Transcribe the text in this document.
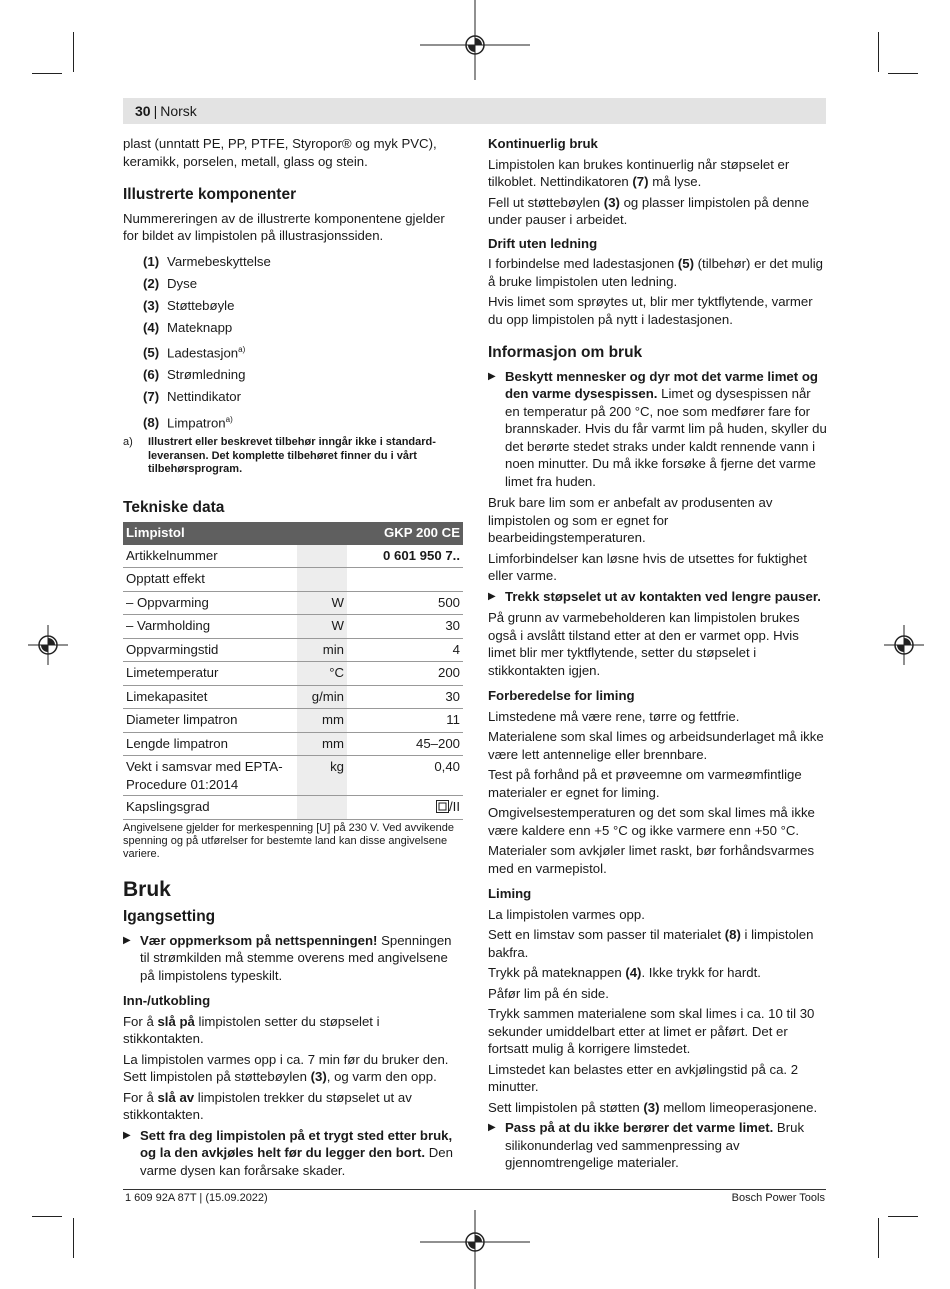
30 | Norsk

plast (unntatt PE, PP, PTFE, Styropor® og myk PVC), keramikk, porselen, metall, glass og stein.

Illustrerte komponenter

Nummereringen av de illustrerte komponentene gjelder for bildet av limpistolen på illustrasjonssiden.

(1) Varmebeskyttelse
(2) Dyse
(3) Støttebøyle
(4) Mateknapp
(5) Ladestasjon$^{a)}$
(6) Strømledning
(7) Nettindikator
(8) Limpatron$^{a)}$
a)	Illustrert eller beskrevet tilbehør inngår ikke i standard-leveransen. Det komplette tilbehøret finner du i vårt tilbehørsprogram.
Tekniske data
Limpistol		GKP 200 CE
Artikkelnummer		0 601 950 7..
Opptatt effekt		
– Oppvarming	W	500
– Varmholding	W	30
Oppvarmingstid	min	4
Limetemperatur	°C	200
Limekapasitet	g/min	30
Diameter limpatron	mm	11
Lengde limpatron	mm	45–200
Vekt i samsvar med EPTA-Procedure 01:2014	kg	0,40
Kapslingsgrad		/II
Angivelsene gjelder for merkespenning [U] på 230 V. Ved avvikende spenning og på utførelser for bestemte land kan disse angivelsene variere.
Bruk
Igangsetting
▶ Vær oppmerksom på nettspenningen! Spenningen til strømkilden må stemme overens med angivelsene på limpistolens typeskilt.
Inn-/utkobling

For å slå på limpistolen setter du støpselet i stikkontakten.

La limpistolen varmes opp i ca. 7 min før du bruker den. Sett limpistolen på støttebøylen (3), og varm den opp.

For å slå av limpistolen trekker du støpselet ut av stikkontakten.

▶ Sett fra deg limpistolen på et trygt sted etter bruk, og la den avkjøles helt før du legger den bort. Den varme dysen kan forårsake skader.
Kontinuerlig bruk

Limpistolen kan brukes kontinuerlig når støpselet er tilkoblet. Nettindikatoren (7) må lyse.

Fell ut støttebøylen (3) og plasser limpistolen på denne under pauser i arbeidet.

Drift uten ledning

I forbindelse med ladestasjonen (5) (tilbehør) er det mulig å bruke limpistolen uten ledning.

Hvis limet som sprøytes ut, blir mer tyktflytende, varmer du opp limpistolen på nytt i ladestasjonen.

Informasjon om bruk
▶ Beskytt mennesker og dyr mot det varme limet og den varme dysespissen. Limet og dysespissen når en temperatur på 200 °C, noe som medfører fare for brannskader. Hvis du får varmt lim på huden, skyller du det berørte stedet straks under kaldt rennende vann i noen minutter. Du må ikke forsøke å fjerne det varme limet fra huden.

Bruk bare lim som er anbefalt av produsenten av limpistolen og som er egnet for bearbeidingstemperaturen.

Limforbindelser kan løsne hvis de utsettes for fuktighet eller varme.

▶ Trekk støpselet ut av kontakten ved lengre pauser.

På grunn av varmebeholderen kan limpistolen brukes også i avslått tilstand etter at den er varmet opp. Hvis limet blir mer tyktflytende, setter du støpselet i stikkontakten igjen.

Forberedelse for liming

Limstedene må være rene, tørre og fettfrie.

Materialene som skal limes og arbeidsunderlaget må ikke være lett antennelige eller brennbare.

Test på forhånd på et prøveemne om varmeømfintlige materialer er egnet for liming.

Omgivelsestemperaturen og det som skal limes må ikke være kaldere enn +5 °C og ikke varmere enn +50 °C.

Materialer som avkjøler limet raskt, bør forhåndsvarmes med en varmepistol.

Liming

La limpistolen varmes opp.

Sett en limstav som passer til materialet (8) i limpistolen bakfra.

Trykk på mateknappen (4). Ikke trykk for hardt.

Påfør lim på én side.

Trykk sammen materialene som skal limes i ca. 10 til 30 sekunder umiddelbart etter at limet er påført. Det er fortsatt mulig å korrigere limstedet.

Limstedet kan belastes etter en avkjølingstid på ca. 2 minutter.

Sett limpistolen på støtten (3) mellom limeoperasjonene.

▶ Pass på at du ikke berører det varme limet. Bruk silikonunderlag ved sammenpressing av gjennomtrengelige materialer.
1 609 92A 87T | (15.09.2022)	Bosch Power Tools
